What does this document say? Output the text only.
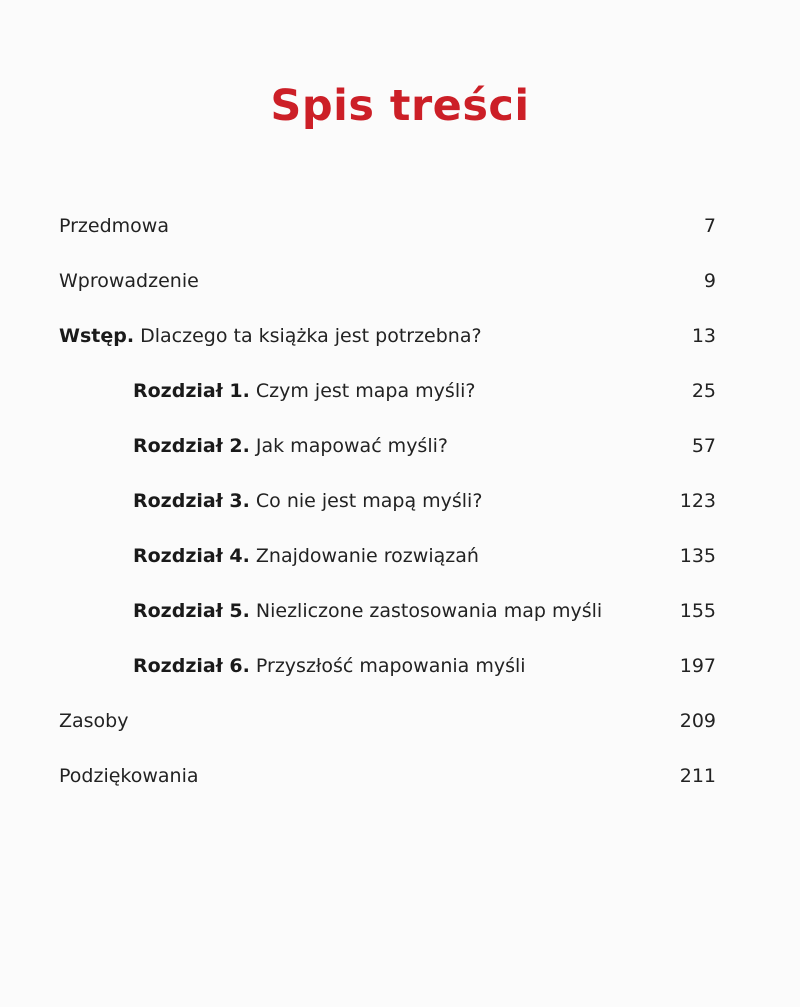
Spis treści
Przedmowa	7
Wprowadzenie	9
Wstęp. Dlaczego ta książka jest potrzebna?	13
Rozdział 1. Czym jest mapa myśli?	25
Rozdział 2. Jak mapować myśli?	57
Rozdział 3. Co nie jest mapą myśli?	123
Rozdział 4. Znajdowanie rozwiązań	135
Rozdział 5. Niezliczone zastosowania map myśli	155
Rozdział 6. Przyszłość mapowania myśli	197
Zasoby	209
Podziękowania	211
